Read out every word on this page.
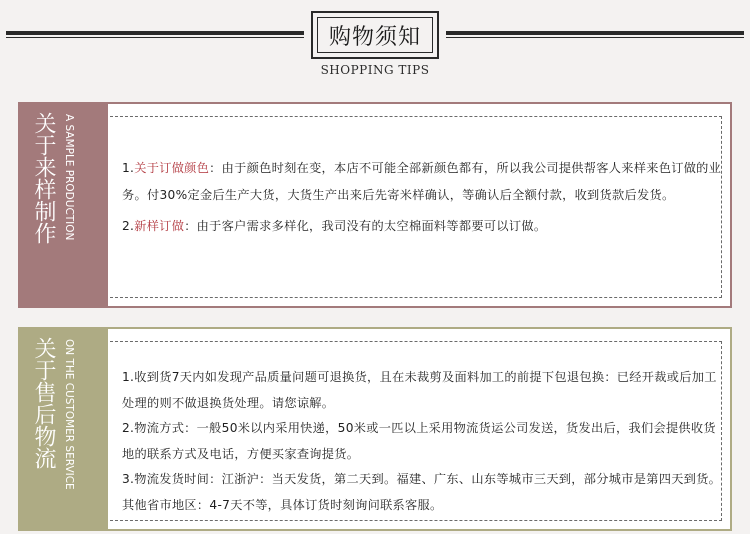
购物须知
SHOPPING TIPS
关于来样制作 A SAMPLE PRODUCTION	1.关于订做颜色：由于颜色时刻在变，本店不可能全部新颜色都有，所以我公司提供帮客人来样来色订做的业务。付30%定金后生产大货，大货生产出来后先寄米样确认，等确认后全额付款，收到货款后发货。

2.新样订做：由于客户需求多样化，我司没有的太空棉面料等都要可以订做。

关于售后物流 ON THE CUSTOMER SERVICE	1.收到货7天内如发现产品质量问题可退换货，且在未裁剪及面料加工的前提下包退包换：已经开裁或后加工处理的则不做退换货处理。请您谅解。

2.物流方式：一般50米以内采用快递，50米或一匹以上采用物流货运公司发送，货发出后，我们会提供收货地的联系方式及电话，方便买家查询提货。

3.物流发货时间：江浙沪：当天发货，第二天到。福建、广东、山东等城市三天到，部分城市是第四天到货。其他省市地区：4-7天不等，具体订货时刻询问联系客服。
